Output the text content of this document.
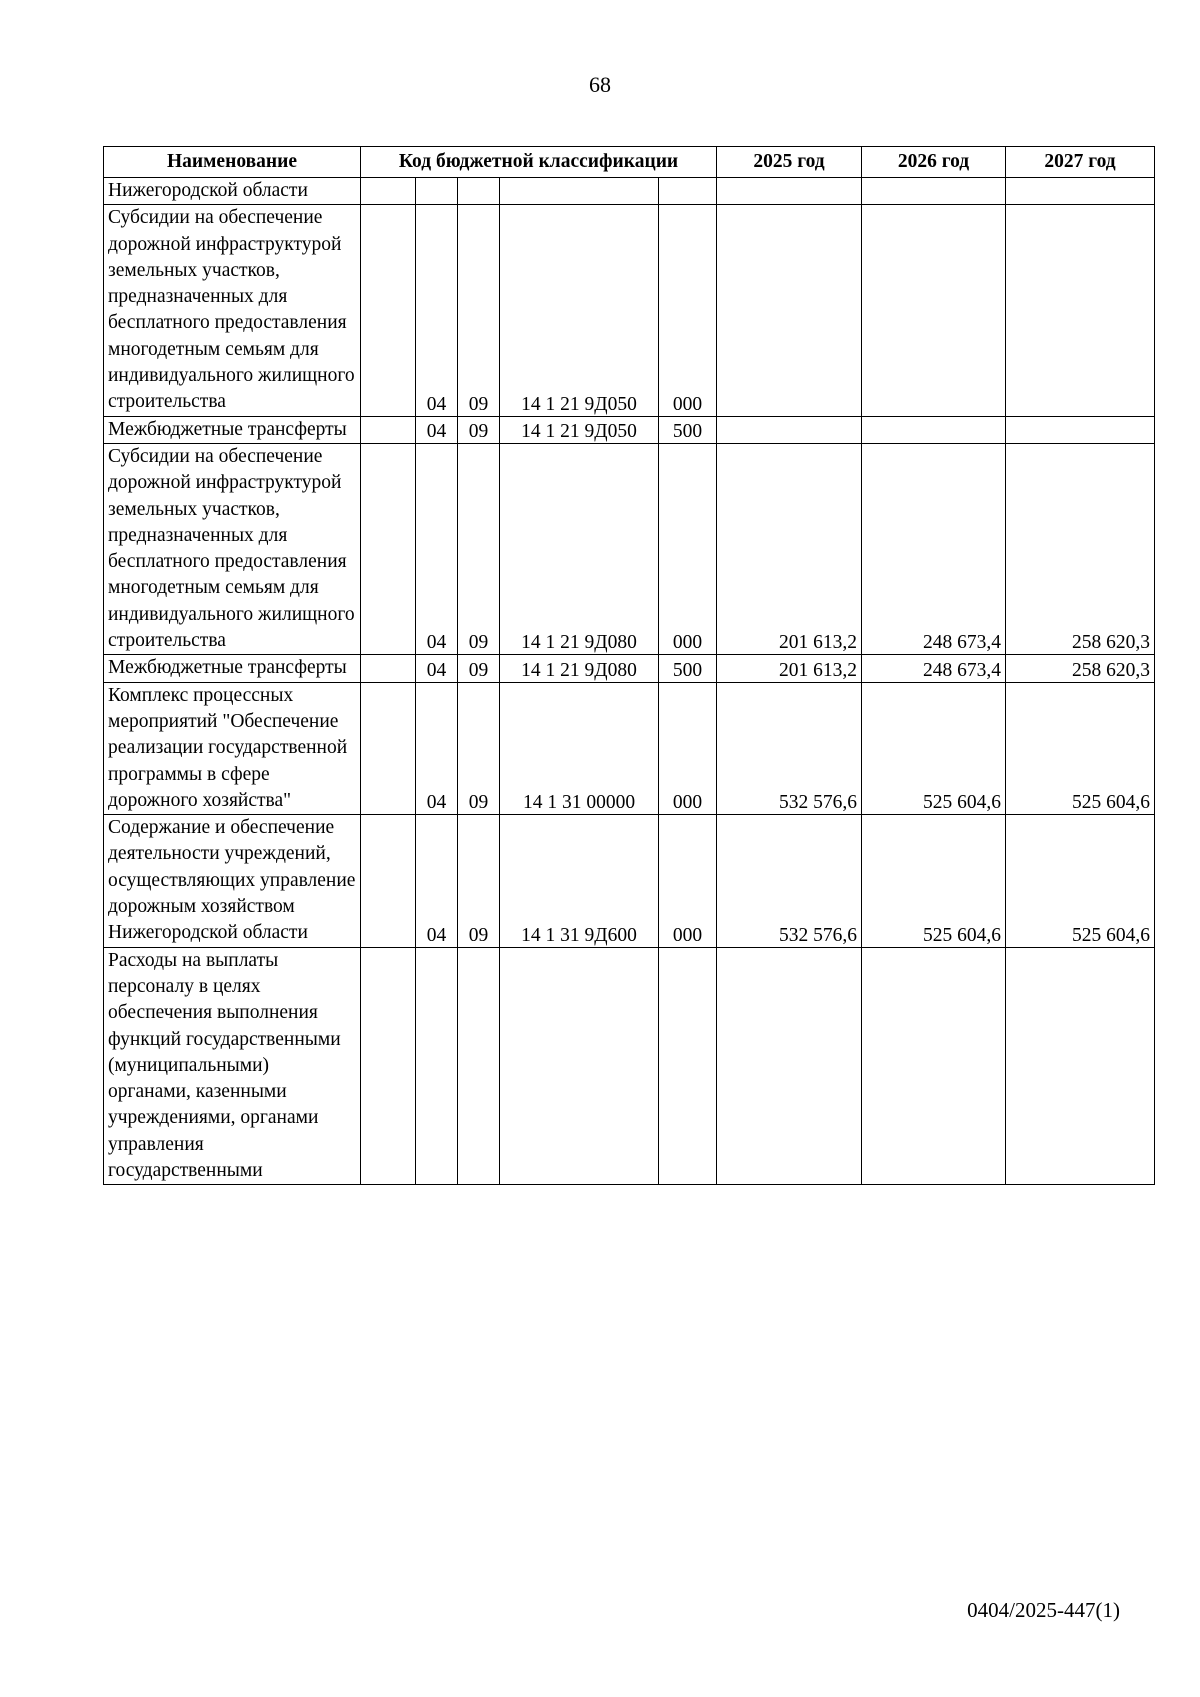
68
Наименование	Код бюджетной классификации					2025 год	2026 год	2027 год
Нижегородской области								
Субсидии на обеспечение дорожной инфраструктурой земельных участков, предназначенных для бесплатного предоставления многодетным семьям для индивидуального жилищного строительства		04	09	14 1 21 9Д050	000			
Межбюджетные трансферты		04	09	14 1 21 9Д050	500			
Субсидии на обеспечение дорожной инфраструктурой земельных участков, предназначенных для бесплатного предоставления многодетным семьям для индивидуального жилищного строительства		04	09	14 1 21 9Д080	000	201 613,2	248 673,4	258 620,3
Межбюджетные трансферты		04	09	14 1 21 9Д080	500	201 613,2	248 673,4	258 620,3
Комплекс процессных мероприятий "Обеспечение реализации государственной программы в сфере дорожного хозяйства"		04	09	14 1 31 00000	000	532 576,6	525 604,6	525 604,6
Содержание и обеспечение деятельности учреждений, осуществляющих управление дорожным хозяйством Нижегородской области		04	09	14 1 31 9Д600	000	532 576,6	525 604,6	525 604,6
Расходы на выплаты персоналу в целях обеспечения выполнения функций государственными (муниципальными) органами, казенными учреждениями, органами управления государственными								
0404/2025-447(1)
